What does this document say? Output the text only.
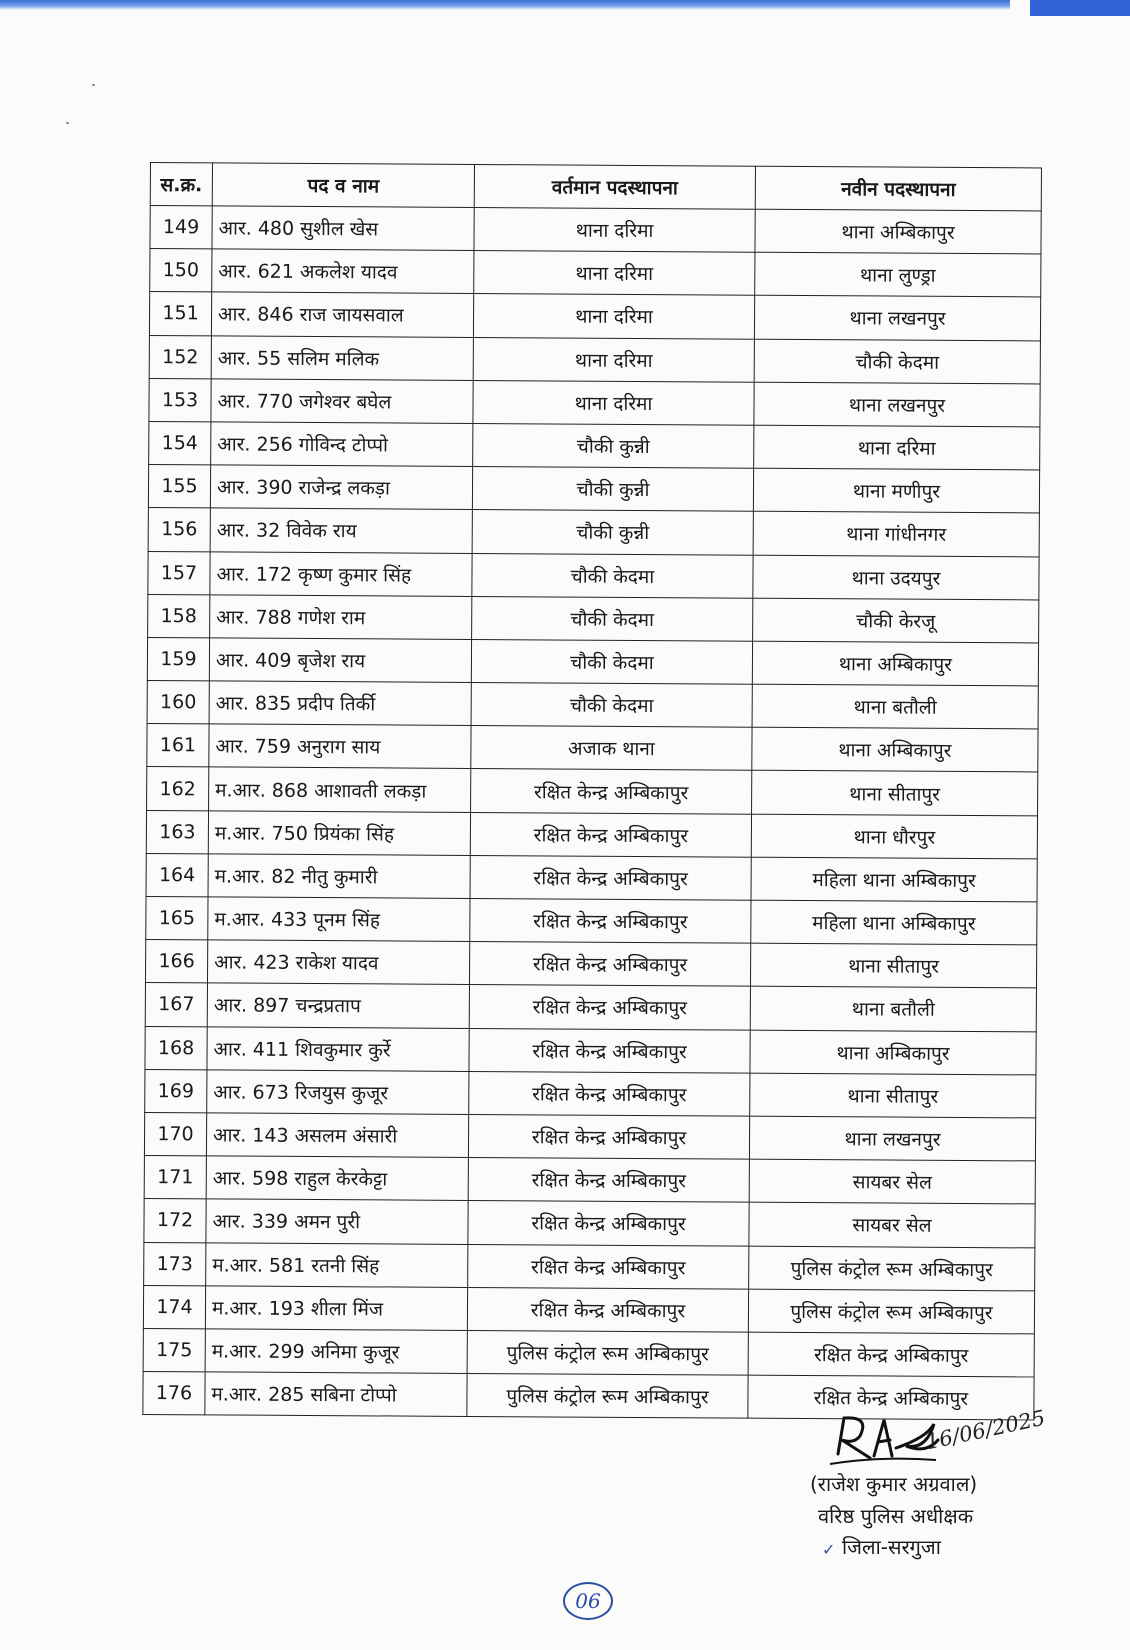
स.क्र.	पद व नाम	वर्तमान पदस्थापना	नवीन पदस्थापना
149	आर. 480 सुशील खेस	थाना दरिमा	थाना अम्बिकापुर
150	आर. 621 अकलेश यादव	थाना दरिमा	थाना लुण्ड्रा
151	आर. 846 राज जायसवाल	थाना दरिमा	थाना लखनपुर
152	आर. 55 सलिम मलिक	थाना दरिमा	चौकी केदमा
153	आर. 770 जगेश्वर बघेल	थाना दरिमा	थाना लखनपुर
154	आर. 256 गोविन्द टोप्पो	चौकी कुन्नी	थाना दरिमा
155	आर. 390 राजेन्द्र लकड़ा	चौकी कुन्नी	थाना मणीपुर
156	आर. 32 विवेक राय	चौकी कुन्नी	थाना गांधीनगर
157	आर. 172 कृष्ण कुमार सिंह	चौकी केदमा	थाना उदयपुर
158	आर. 788 गणेश राम	चौकी केदमा	चौकी केरजू
159	आर. 409 बृजेश राय	चौकी केदमा	थाना अम्बिकापुर
160	आर. 835 प्रदीप तिर्की	चौकी केदमा	थाना बतौली
161	आर. 759 अनुराग साय	अजाक थाना	थाना अम्बिकापुर
162	म.आर. 868 आशावती लकड़ा	रक्षित केन्द्र अम्बिकापुर	थाना सीतापुर
163	म.आर. 750 प्रियंका सिंह	रक्षित केन्द्र अम्बिकापुर	थाना धौरपुर
164	म.आर. 82 नीतु कुमारी	रक्षित केन्द्र अम्बिकापुर	महिला थाना अम्बिकापुर
165	म.आर. 433 पूनम सिंह	रक्षित केन्द्र अम्बिकापुर	महिला थाना अम्बिकापुर
166	आर. 423 राकेश यादव	रक्षित केन्द्र अम्बिकापुर	थाना सीतापुर
167	आर. 897 चन्द्रप्रताप	रक्षित केन्द्र अम्बिकापुर	थाना बतौली
168	आर. 411 शिवकुमार कुर्रे	रक्षित केन्द्र अम्बिकापुर	थाना अम्बिकापुर
169	आर. 673 रिजयुस कुजूर	रक्षित केन्द्र अम्बिकापुर	थाना सीतापुर
170	आर. 143 असलम अंसारी	रक्षित केन्द्र अम्बिकापुर	थाना लखनपुर
171	आर. 598 राहुल केरकेट्टा	रक्षित केन्द्र अम्बिकापुर	सायबर सेल
172	आर. 339 अमन पुरी	रक्षित केन्द्र अम्बिकापुर	सायबर सेल
173	म.आर. 581 रतनी सिंह	रक्षित केन्द्र अम्बिकापुर	पुलिस कंट्रोल रूम अम्बिकापुर
174	म.आर. 193 शीला मिंज	रक्षित केन्द्र अम्बिकापुर	पुलिस कंट्रोल रूम अम्बिकापुर
175	म.आर. 299 अनिमा कुजूर	पुलिस कंट्रोल रूम अम्बिकापुर	रक्षित केन्द्र अम्बिकापुर
176	म.आर. 285 सबिना टोप्पो	पुलिस कंट्रोल रूम अम्बिकापुर	रक्षित केन्द्र अम्बिकापुर
16/06/2025
(राजेश कुमार अग्रवाल)
वरिष्ठ पुलिस अधीक्षक
✓ जिला-सरगुजा
06
